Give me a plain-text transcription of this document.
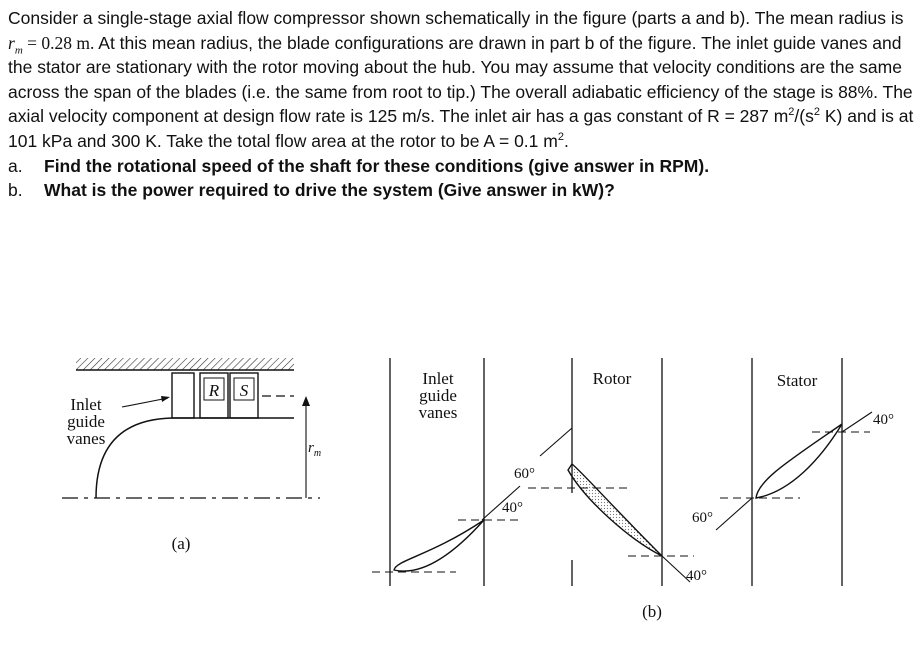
Consider a single-stage axial flow compressor shown schematically in the figure (parts a and b). The mean radius is $r_m = 0.28$ m. At this mean radius, the blade configurations are drawn in part b of the figure. The inlet guide vanes and the stator are stationary with the rotor moving about the hub. You may assume that velocity conditions are the same across the span of the blades (i.e. the same from root to tip.) The overall adiabatic efficiency of the stage is 88%. The axial velocity component at design flow rate is 125 m/s. The inlet air has a gas constant of R = 287 $m^2/(s^2$ K) and is at 101 kPa and 300 K. Take the total flow area at the rotor to be A = 0.1 $m^2$.

a.	Find the rotational speed of the shaft for these conditions (give answer in RPM).
b.	What is the power required to drive the system (Give answer in kW)?
R S
$r_m$
Inlet
guide
vanes
(a)
Inlet
guide
vanes
Rotor	Stator
40°
60°
40°
60°
40°
(b)
